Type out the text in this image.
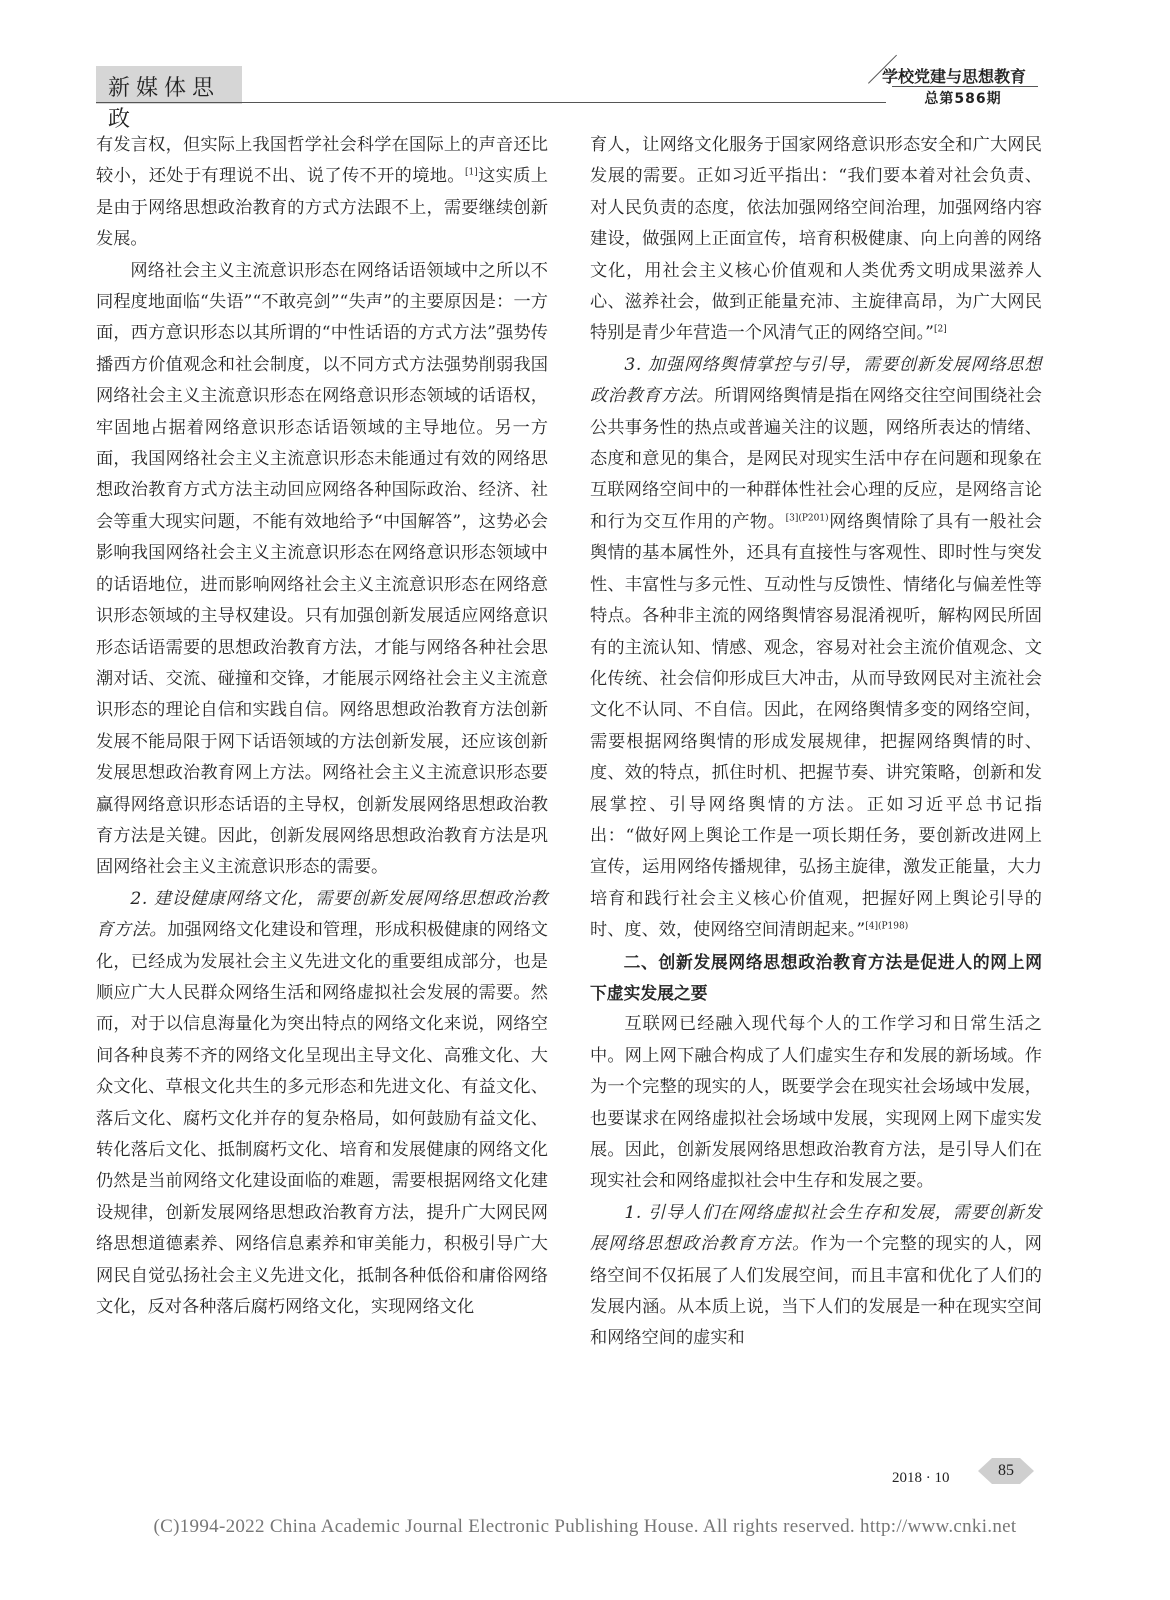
新媒体思政
学校党建与思想教育
总第586期

有发言权，但实际上我国哲学社会科学在国际上的声音还比较小，还处于有理说不出、说了传不开的境地。[1]这实质上是由于网络思想政治教育的方式方法跟不上，需要继续创新发展。

网络社会主义主流意识形态在网络话语领域中之所以不同程度地面临“失语”“不敢亮剑”“失声”的主要原因是：一方面，西方意识形态以其所谓的“中性话语的方式方法”强势传播西方价值观念和社会制度，以不同方式方法强势削弱我国网络社会主义主流意识形态在网络意识形态领域的话语权，牢固地占据着网络意识形态话语领域的主导地位。另一方面，我国网络社会主义主流意识形态未能通过有效的网络思想政治教育方式方法主动回应网络各种国际政治、经济、社会等重大现实问题，不能有效地给予“中国解答”，这势必会影响我国网络社会主义主流意识形态在网络意识形态领域中的话语地位，进而影响网络社会主义主流意识形态在网络意识形态领域的主导权建设。只有加强创新发展适应网络意识形态话语需要的思想政治教育方法，才能与网络各种社会思潮对话、交流、碰撞和交锋，才能展示网络社会主义主流意识形态的理论自信和实践自信。网络思想政治教育方法创新发展不能局限于网下话语领域的方法创新发展，还应该创新发展思想政治教育网上方法。网络社会主义主流意识形态要赢得网络意识形态话语的主导权，创新发展网络思想政治教育方法是关键。因此，创新发展网络思想政治教育方法是巩固网络社会主义主流意识形态的需要。

2. 建设健康网络文化，需要创新发展网络思想政治教育方法。加强网络文化建设和管理，形成积极健康的网络文化，已经成为发展社会主义先进文化的重要组成部分，也是顺应广大人民群众网络生活和网络虚拟社会发展的需要。然而，对于以信息海量化为突出特点的网络文化来说，网络空间各种良莠不齐的网络文化呈现出主导文化、高雅文化、大众文化、草根文化共生的多元形态和先进文化、有益文化、落后文化、腐朽文化并存的复杂格局，如何鼓励有益文化、转化落后文化、抵制腐朽文化、培育和发展健康的网络文化仍然是当前网络文化建设面临的难题，需要根据网络文化建设规律，创新发展网络思想政治教育方法，提升广大网民网络思想道德素养、网络信息素养和审美能力，积极引导广大网民自觉弘扬社会主义先进文化，抵制各种低俗和庸俗网络文化，反对各种落后腐朽网络文化，实现网络文化

育人，让网络文化服务于国家网络意识形态安全和广大网民发展的需要。正如习近平指出：“我们要本着对社会负责、对人民负责的态度，依法加强网络空间治理，加强网络内容建设，做强网上正面宣传，培育积极健康、向上向善的网络文化，用社会主义核心价值观和人类优秀文明成果滋养人心、滋养社会，做到正能量充沛、主旋律高昂，为广大网民特别是青少年营造一个风清气正的网络空间。”[2]

3. 加强网络舆情掌控与引导，需要创新发展网络思想政治教育方法。所谓网络舆情是指在网络交往空间围绕社会公共事务性的热点或普遍关注的议题，网络所表达的情绪、态度和意见的集合，是网民对现实生活中存在问题和现象在互联网络空间中的一种群体性社会心理的反应，是网络言论和行为交互作用的产物。$^{[3](P201)}$网络舆情除了具有一般社会舆情的基本属性外，还具有直接性与客观性、即时性与突发性、丰富性与多元性、互动性与反馈性、情绪化与偏差性等特点。各种非主流的网络舆情容易混淆视听，解构网民所固有的主流认知、情感、观念，容易对社会主流价值观念、文化传统、社会信仰形成巨大冲击，从而导致网民对主流社会文化不认同、不自信。因此，在网络舆情多变的网络空间，需要根据网络舆情的形成发展规律，把握网络舆情的时、度、效的特点，抓住时机、把握节奏、讲究策略，创新和发展掌控、引导网络舆情的方法。正如习近平总书记指出：“做好网上舆论工作是一项长期任务，要创新改进网上宣传，运用网络传播规律，弘扬主旋律，激发正能量，大力培育和践行社会主义核心价值观，把握好网上舆论引导的时、度、效，使网络空间清朗起来。”$^{[4](P198)}$

二、创新发展网络思想政治教育方法是促进人的网上网下虚实发展之要

互联网已经融入现代每个人的工作学习和日常生活之中。网上网下融合构成了人们虚实生存和发展的新场域。作为一个完整的现实的人，既要学会在现实社会场域中发展，也要谋求在网络虚拟社会场域中发展，实现网上网下虚实发展。因此，创新发展网络思想政治教育方法，是引导人们在现实社会和网络虚拟社会中生存和发展之要。

1. 引导人们在网络虚拟社会生存和发展，需要创新发展网络思想政治教育方法。作为一个完整的现实的人，网络空间不仅拓展了人们发展空间，而且丰富和优化了人们的发展内涵。从本质上说，当下人们的发展是一种在现实空间和网络空间的虚实和

2018 · 10	85
(C)1994-2022 China Academic Journal Electronic Publishing House. All rights reserved. http://www.cnki.net
